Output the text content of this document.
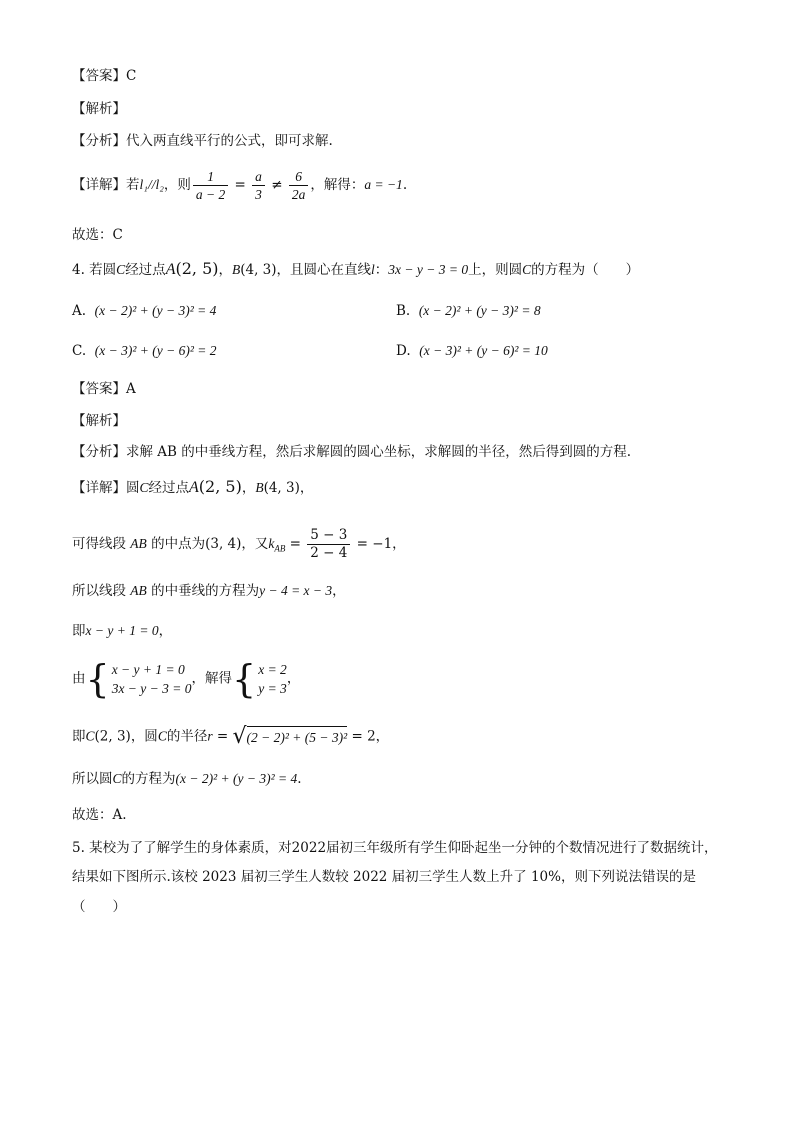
【答案】C
【解析】
【分析】代入两直线平行的公式，即可求解.
【详解】若l₁//l₂，则 $\frac{1}{a - 2} = \frac{a}{3} \ne \frac{6}{2a}$ ，解得：a = −1.
故选：C
4. 若圆C经过点A(2, 5)，B(4, 3)，且圆心在直线l：3x − y − 3 = 0上，则圆C的方程为（　　）
A. (x − 2)² + (y − 3)² = 4	B. (x − 2)² + (y − 3)² = 8
C. (x − 3)² + (y − 6)² = 2	D. (x − 3)² + (y − 6)² = 10
【答案】A
【解析】
【分析】求解 AB 的中垂线方程，然后求解圆的圆心坐标，求解圆的半径，然后得到圆的方程.
【详解】圆C经过点A(2, 5)，B(4, 3)，
可得线段 AB 的中点为(3, 4)，又$k_{AB} = \frac{5 - 3}{2 - 4} = -1$，
所以线段 AB 的中垂线的方程为y − 4 = x − 3，
即x − y + 1 = 0，
由{ x − y + 1 = 0
3x − y − 3 = 0，解得{ x = 2
y = 3，
即C(2, 3)，圆C的半径r = √(2 − 2)² + (5 − 3)² = 2，
所以圆C的方程为(x − 2)² + (y − 3)² = 4.
故选：A.
5. 某校为了了解学生的身体素质，对2022届初三年级所有学生仰卧起坐一分钟的个数情况进行了数据统计，
结果如下图所示.该校 2023 届初三学生人数较 2022 届初三学生人数上升了 10%，则下列说法错误的是
（　　）
